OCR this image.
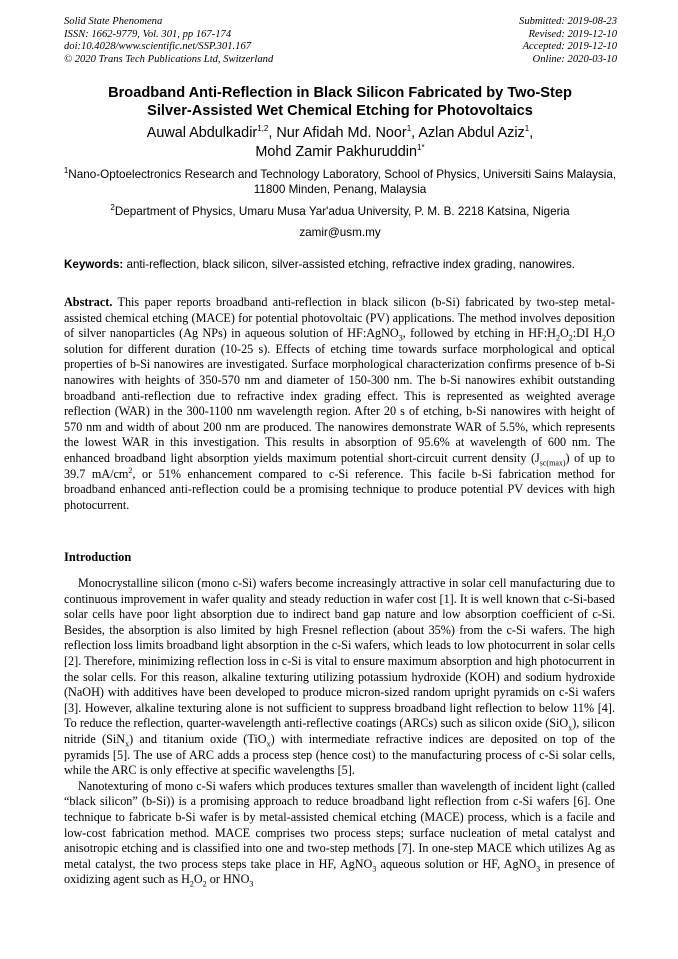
Solid State Phenomena
ISSN: 1662-9779, Vol. 301, pp 167-174
doi:10.4028/www.scientific.net/SSP.301.167
© 2020 Trans Tech Publications Ltd, Switzerland
Submitted: 2019-08-23
Revised: 2019-12-10
Accepted: 2019-12-10
Online: 2020-03-10
Broadband Anti-Reflection in Black Silicon Fabricated by Two-Step
Silver-Assisted Wet Chemical Etching for Photovoltaics
Auwal Abdulkadir$^{1,2}$, Nur Afidah Md. Noor$^1$, Azlan Abdul Aziz$^1$,
Mohd Zamir Pakhuruddin$^{1*}$
$^1$Nano-Optoelectronics Research and Technology Laboratory, School of Physics, Universiti Sains Malaysia, 11800 Minden, Penang, Malaysia
$^2$Department of Physics, Umaru Musa Yar'adua University, P. M. B. 2218 Katsina, Nigeria
zamir@usm.my
Keywords: anti-reflection, black silicon, silver-assisted etching, refractive index grading, nanowires.
Abstract. This paper reports broadband anti-reflection in black silicon (b-Si) fabricated by two-step metal-assisted chemical etching (MACE) for potential photovoltaic (PV) applications. The method involves deposition of silver nanoparticles (Ag NPs) in aqueous solution of HF:AgNO$_3$, followed by etching in $HF:H_2O_2:DI$ $H_2O$ solution for different duration (10-25 s). Effects of etching time towards surface morphological and optical properties of b-Si nanowires are investigated. Surface morphological characterization confirms presence of b-Si nanowires with heights of 350-570 nm and diameter of 150-300 nm. The b-Si nanowires exhibit outstanding broadband anti-reflection due to refractive index grading effect. This is represented as weighted average reflection (WAR) in the 300-1100 nm wavelength region. After 20 s of etching, b-Si nanowires with height of 570 nm and width of about 200 nm are produced. The nanowires demonstrate WAR of 5.5%, which represents the lowest WAR in this investigation. This results in absorption of 95.6% at wavelength of 600 nm. The enhanced broadband light absorption yields maximum potential short-circuit current density $(J_{sc(max)})$ of up to 39.7 $mA/cm^2$, or 51% enhancement compared to c-Si reference. This facile b-Si fabrication method for broadband enhanced anti-reflection could be a promising technique to produce potential PV devices with high photocurrent.
Introduction

Monocrystalline silicon (mono c-Si) wafers become increasingly attractive in solar cell manufacturing due to continuous improvement in wafer quality and steady reduction in wafer cost [1]. It is well known that c-Si-based solar cells have poor light absorption due to indirect band gap nature and low absorption coefficient of c-Si. Besides, the absorption is also limited by high Fresnel reflection (about 35%) from the c-Si wafers. The high reflection loss limits broadband light absorption in the c-Si wafers, which leads to low photocurrent in solar cells [2]. Therefore, minimizing reflection loss in c-Si is vital to ensure maximum absorption and high photocurrent in the solar cells. For this reason, alkaline texturing utilizing potassium hydroxide (KOH) and sodium hydroxide (NaOH) with additives have been developed to produce micron-sized random upright pyramids on c-Si wafers [3]. However, alkaline texturing alone is not sufficient to suppress broadband light reflection to below 11% [4]. To reduce the reflection, quarter-wavelength anti-reflective coatings (ARCs) such as silicon oxide (SiO$_x$), silicon nitride (SiN$_x$) and titanium oxide (TiO$_x$) with intermediate refractive indices are deposited on top of the pyramids [5]. The use of ARC adds a process step (hence cost) to the manufacturing process of c-Si solar cells, while the ARC is only effective at specific wavelengths [5].

Nanotexturing of mono c-Si wafers which produces textures smaller than wavelength of incident light (called “black silicon” (b-Si)) is a promising approach to reduce broadband light reflection from c-Si wafers [6]. One technique to fabricate b-Si wafer is by metal-assisted chemical etching (MACE) process, which is a facile and low-cost fabrication method. MACE comprises two process steps; surface nucleation of metal catalyst and anisotropic etching and is classified into one and two-step methods [7]. In one-step MACE which utilizes Ag as metal catalyst, the two process steps take place in HF, AgNO$_3$ aqueous solution or HF, AgNO$_3$ in presence of oxidizing agent such as $H_2O_2$ or $HNO_3$
